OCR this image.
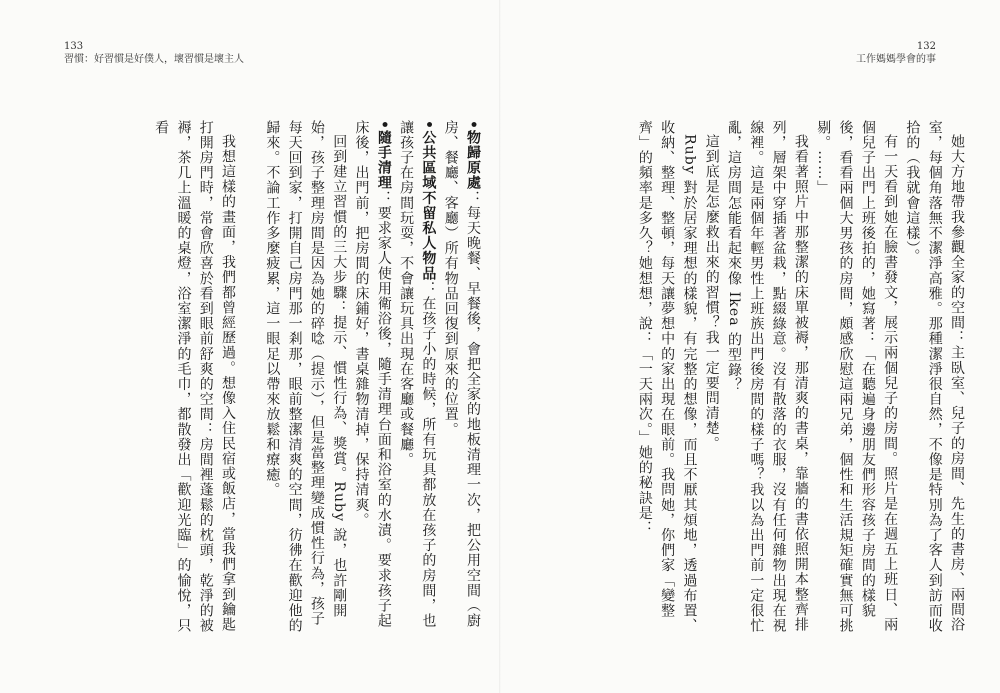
133
習慣：好習慣是好僕人，壞習慣是壞主人

•物歸原處：每天晚餐、早餐後，會把全家的地板清理一次，把公用空間（廚房、餐廳、客廳）所有物品回復到原來的位置。

•公共區域不留私人物品：在孩子小的時候，所有玩具都放在孩子的房間，也讓孩子在房間玩耍，不會讓玩具出現在客廳或餐廳。

•隨手清理：要求家人使用衛浴後，隨手清理台面和浴室的水漬。要求孩子起床後，出門前，把房間的床鋪好，書桌雜物清掉，保持清爽。

回到建立習慣的三大步驟：提示、慣性行為、獎賞。Ruby 說，也許剛開始，孩子整理房間是因為她的碎唸（提示），但是當整理變成慣性行為，孩子每天回到家，打開自己房門那一剎那，眼前整潔清爽的空間，彷彿在歡迎他的歸來。不論工作多麼疲累，這一眼足以帶來放鬆和療癒。

我想這樣的畫面，我們都曾經歷過。想像入住民宿或飯店，當我們拿到鑰匙打開房門時，常會欣喜於看到眼前舒爽的空間：房間裡蓬鬆的枕頭，乾淨的被褥，茶几上溫暖的桌燈，浴室潔淨的毛巾，都散發出「歡迎光臨」的愉悅，只看

132
工作媽媽學會的事

她大方地帶我參觀全家的空間：主臥室、兒子的房間、先生的書房、兩間浴室，每個角落無不潔淨高雅。那種潔淨很自然，不像是特別為了客人到訪而收拾的（我就會這樣）。

有一天看到她在臉書發文，展示兩個兒子的房間。照片是在週五上班日、兩個兒子出門上班後拍的，她寫著：「在聽遍身邊朋友們形容孩子房間的樣貌後，看看兩個大男孩的房間，頗感欣慰這兩兄弟，個性和生活規矩確實無可挑剔。……」

我看著照片中那整潔的床單被褥，那清爽的書桌，靠牆的書依照開本整齊排列，層架中穿插著盆栽，點綴綠意。沒有散落的衣服，沒有任何雜物出現在視線裡。這是兩個年輕男性上班族出門後房間的樣子嗎？我以為出門前一定很忙亂，這房間怎能看起來像 Ikea 的型錄？

這到底是怎麼救出來的習慣？我一定要問清楚。

Ruby 對於居家理想的樣貌，有完整的想像，而且不厭其煩地，透過布置、收納、整理、整頓，每天讓夢想中的家出現在眼前。我問她，你們家「變整齊」的頻率是多久？她想想，說：「一天兩次。」她的秘訣是：
